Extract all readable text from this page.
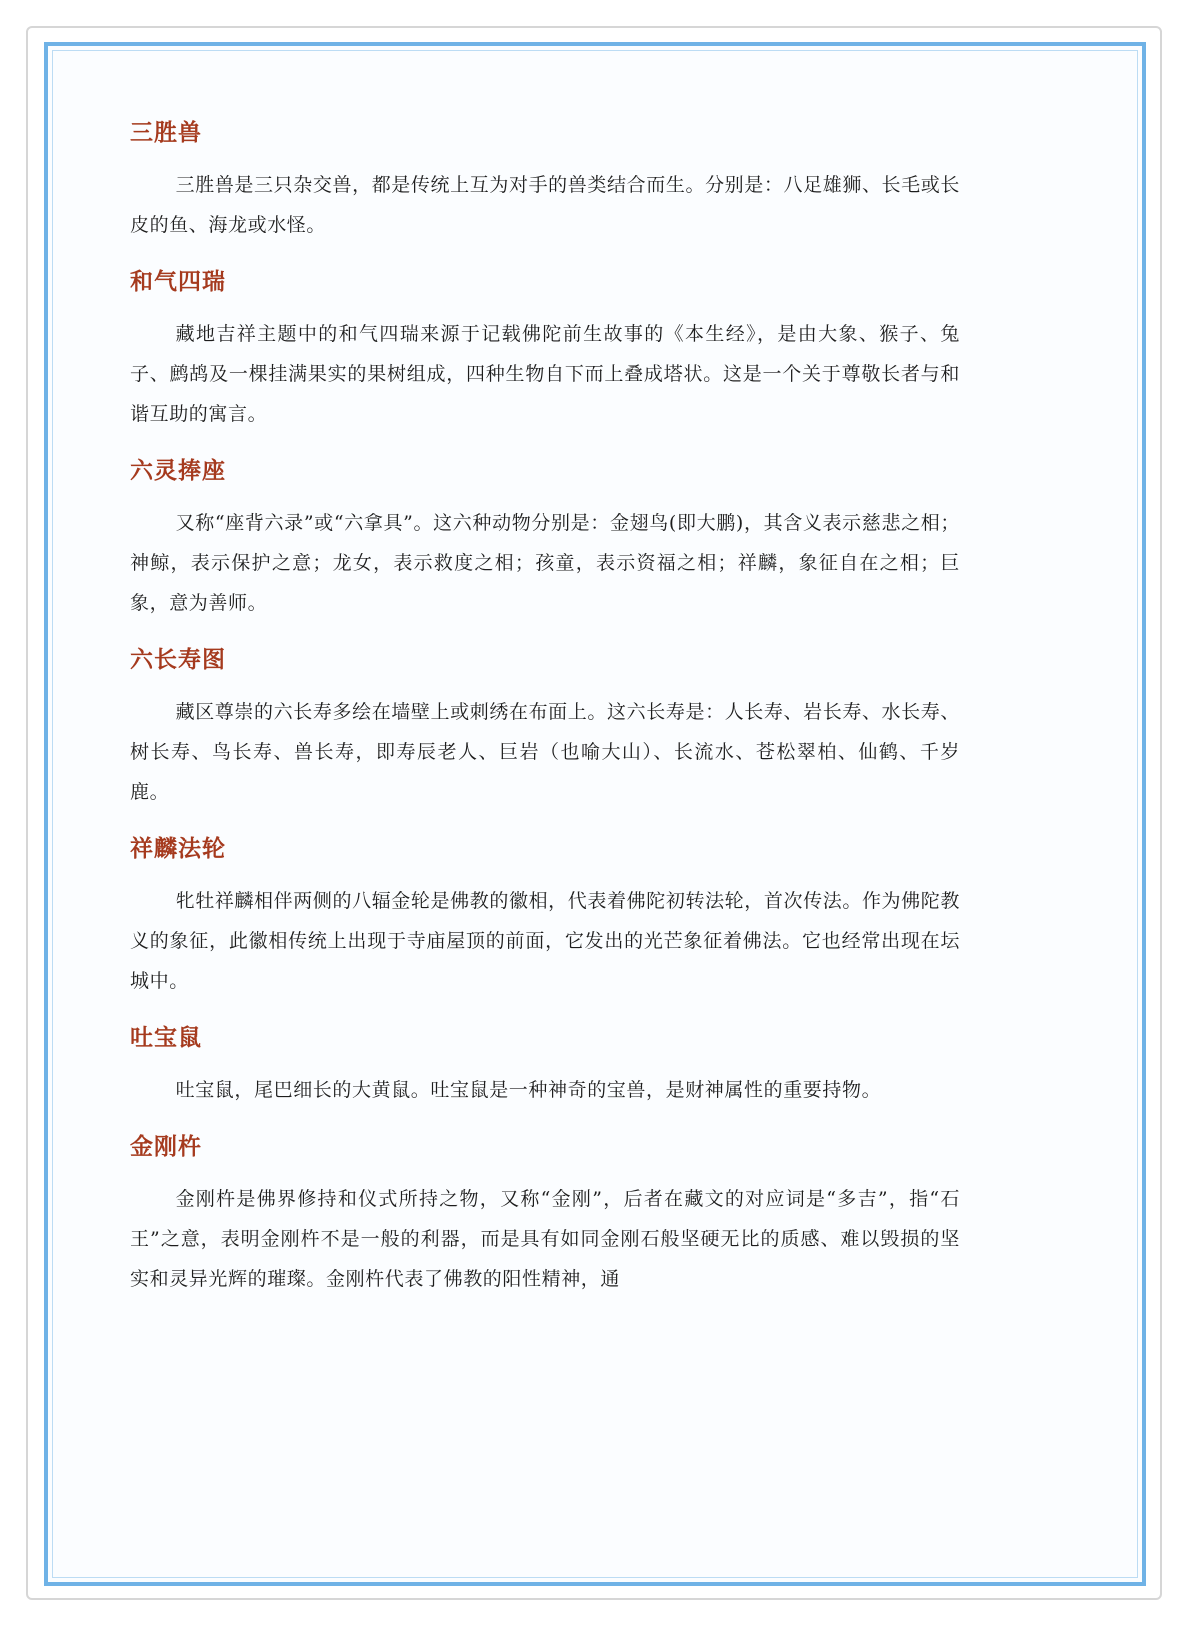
三胜兽

三胜兽是三只杂交兽，都是传统上互为对手的兽类结合而生。分别是：八足雄狮、长毛或长皮的鱼、海龙或水怪。

和气四瑞

藏地吉祥主题中的和气四瑞来源于记载佛陀前生故事的《本生经》，是由大象、猴子、兔子、鹧鸪及一棵挂满果实的果树组成，四种生物自下而上叠成塔状。这是一个关于尊敬长者与和谐互助的寓言。

六灵捧座

又称“座背六录”或“六拿具”。这六种动物分别是：金翅鸟(即大鹏)，其含义表示慈悲之相；神鲸，表示保护之意；龙女，表示救度之相；孩童，表示资福之相；祥麟，象征自在之相；巨象，意为善师。

六长寿图

藏区尊崇的六长寿多绘在墙壁上或刺绣在布面上。这六长寿是：人长寿、岩长寿、水长寿、树长寿、鸟长寿、兽长寿，即寿辰老人、巨岩（也喻大山）、长流水、苍松翠柏、仙鹤、千岁鹿。

祥麟法轮

牝牡祥麟相伴两侧的八辐金轮是佛教的徽相，代表着佛陀初转法轮，首次传法。作为佛陀教义的象征，此徽相传统上出现于寺庙屋顶的前面，它发出的光芒象征着佛法。它也经常出现在坛城中。

吐宝鼠

吐宝鼠，尾巴细长的大黄鼠。吐宝鼠是一种神奇的宝兽，是财神属性的重要持物。

金刚杵

金刚杵是佛界修持和仪式所持之物，又称“金刚”，后者在藏文的对应词是“多吉”，指“石王”之意，表明金刚杵不是一般的利器，而是具有如同金刚石般坚硬无比的质感、难以毁损的坚实和灵异光辉的璀璨。金刚杵代表了佛教的阳性精神，通
